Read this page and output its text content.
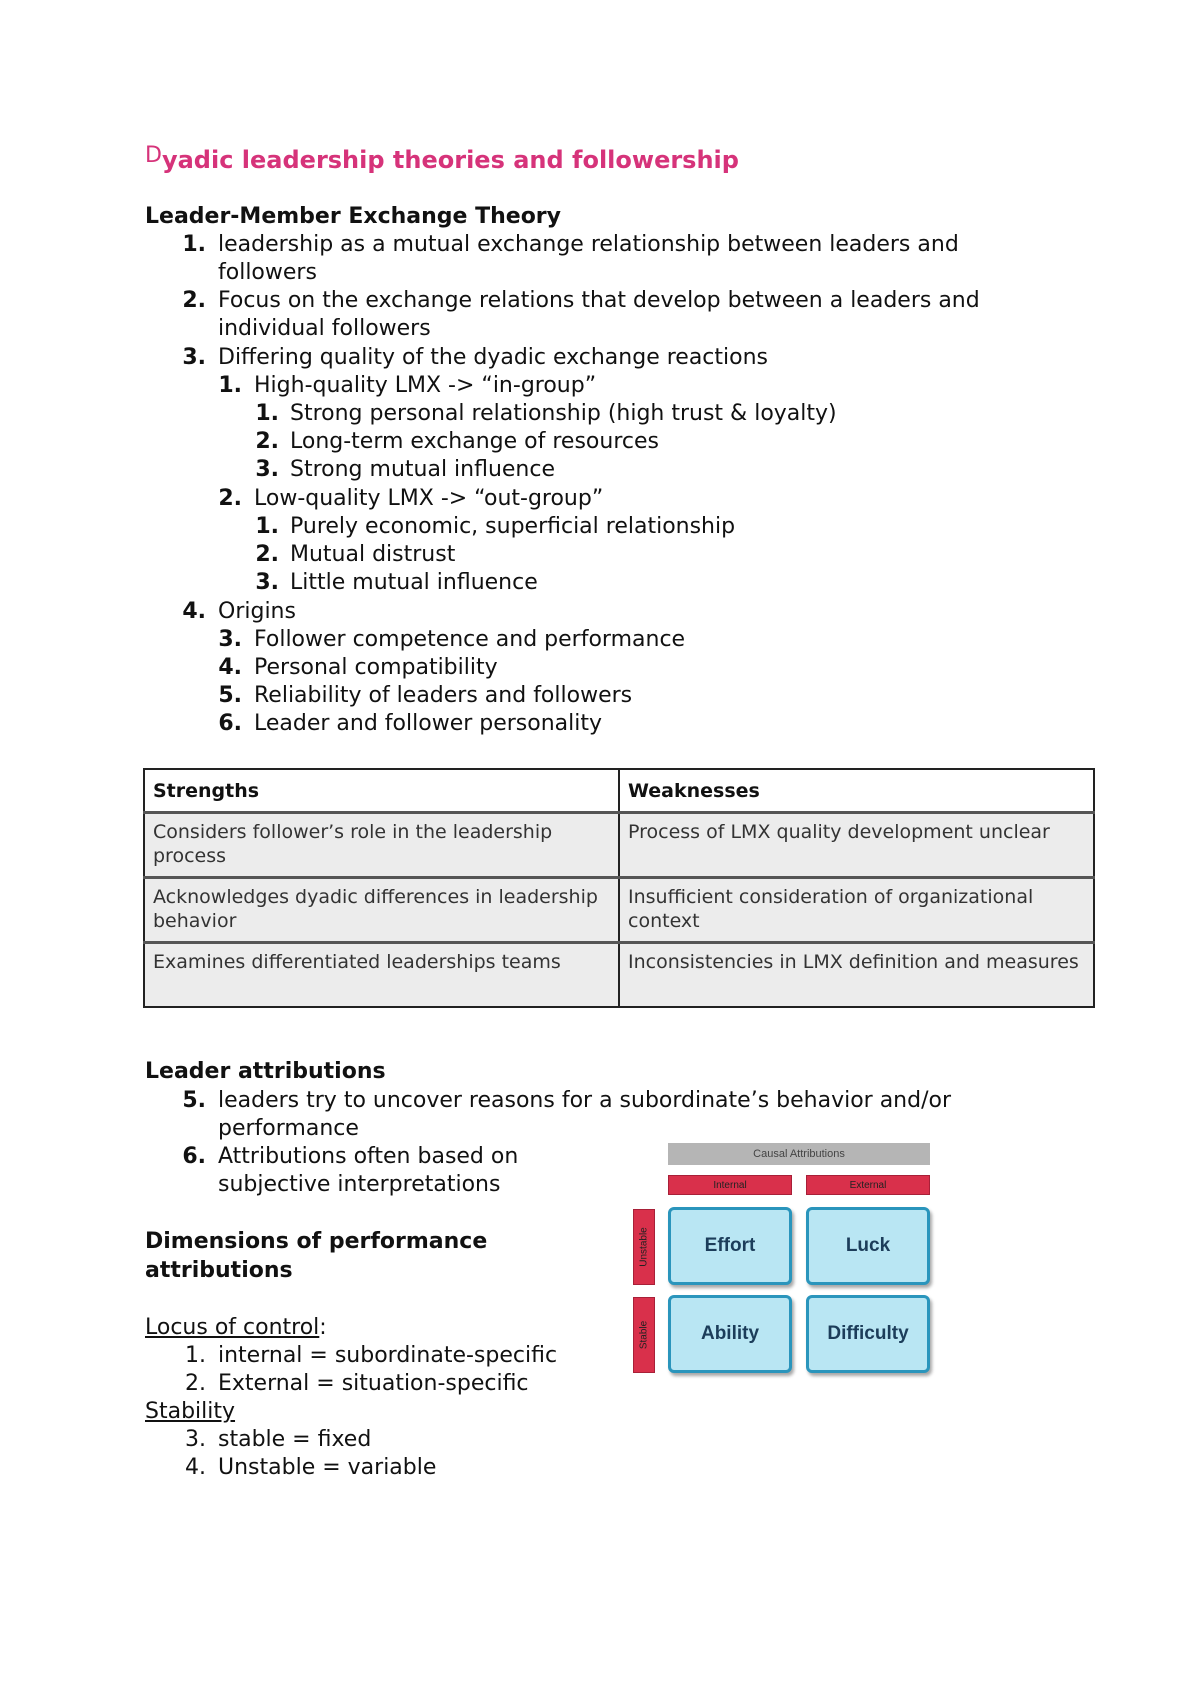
Dyadic leadership theories and followership
Leader-Member Exchange Theory
1. leadership as a mutual exchange relationship between leaders and
followers
2. Focus on the exchange relations that develop between a leaders and
individual followers
3. Differing quality of the dyadic exchange reactions
1. High-quality LMX -> “in-group”
1. Strong personal relationship (high trust & loyalty)
2. Long-term exchange of resources
3. Strong mutual influence
2. Low-quality LMX -> “out-group”
1. Purely economic, superficial relationship
2. Mutual distrust
3. Little mutual influence
4. Origins
3. Follower competence and performance
4. Personal compatibility
5. Reliability of leaders and followers
6. Leader and follower personality
Strengths	Weaknesses
Considers follower’s role in the leadership process	Process of LMX quality development unclear
Acknowledges dyadic differences in leadership behavior	Insufficient consideration of organizational context
Examines differentiated leaderships teams	Inconsistencies in LMX definition and measures
Leader attributions
5. leaders try to uncover reasons for a subordinate’s behavior and/or
performance
6. Attributions often based on
subjective interpretations
Dimensions of performance
attributions
Locus of control:
1. internal = subordinate-specific
2. External = situation-specific
Stability
3. stable = fixed
4. Unstable = variable
Causal Attributions
Internal	External
Unstable
Stable
Effort	Luck
Ability	Difficulty
